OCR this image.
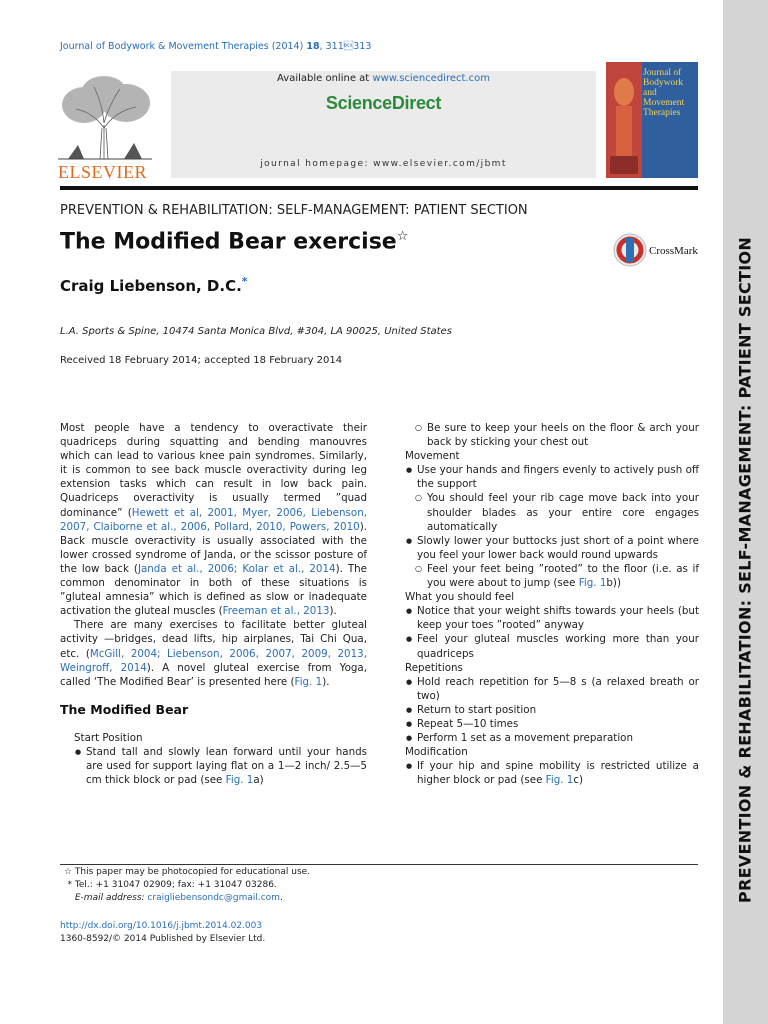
Journal of Bodywork & Movement Therapies (2014) 18, 311313
ELSEVIER
Available online at www.sciencedirect.com
ScienceDirect
journal homepage: www.elsevier.com/jbmt
Journal of Bodywork and Movement Therapies
PREVENTION & REHABILITATION: SELF-MANAGEMENT: PATIENT SECTION
The Modified Bear exercise☆
Craig Liebenson, D.C.*
CrossMark
L.A. Sports & Spine, 10474 Santa Monica Blvd, #304, LA 90025, United States
Received 18 February 2014; accepted 18 February 2014

Most people have a tendency to overactivate their quadriceps during squatting and bending manouvres which can lead to various knee pain syndromes. Similarly, it is common to see back muscle overactivity during leg extension tasks which can result in low back pain. Quadriceps overactivity is usually termed ”quad dominance” (Hewett et al, 2001, Myer, 2006, Liebenson, 2007, Claiborne et al., 2006, Pollard, 2010, Powers, 2010). Back muscle overactivity is usually associated with the lower crossed syndrome of Janda, or the scissor posture of the low back (Janda et al., 2006; Kolar et al., 2014). The common denominator in both of these situations is ”gluteal amnesia” which is defined as slow or inadequate activation the gluteal muscles (Freeman et al., 2013).

There are many exercises to facilitate better gluteal activity —bridges, dead lifts, hip airplanes, Tai Chi Qua, etc. (McGill, 2004; Liebenson, 2006, 2007, 2009, 2013, Weingroff, 2014). A novel gluteal exercise from Yoga, called ‘The Modified Bear’ is presented here (Fig. 1).

The Modified Bear
Start Position
● Stand tall and slowly lean forward until your hands are used for support laying flat on a 1—2 inch/ 2.5—5 cm thick block or pad (see Fig. 1a)
○ Be sure to keep your heels on the floor & arch your back by sticking your chest out
Movement
● Use your hands and fingers evenly to actively push off the support
○ You should feel your rib cage move back into your shoulder blades as your entire core engages automatically
● Slowly lower your buttocks just short of a point where you feel your lower back would round upwards
○ Feel your feet being ”rooted” to the floor (i.e. as if you were about to jump (see Fig. 1b))
What you should feel
● Notice that your weight shifts towards your heels (but keep your toes ”rooted” anyway
● Feel your gluteal muscles working more than your quadriceps
Repetitions
● Hold reach repetition for 5—8 s (a relaxed breath or two)
● Return to start position
● Repeat 5—10 times
● Perform 1 set as a movement preparation
Modification
● If your hip and spine mobility is restricted utilize a higher block or pad (see Fig. 1c)
☆ This paper may be photocopied for educational use.
* Tel.: +1 31047 02909; fax: +1 31047 03286.
E-mail address: craigliebensondc@gmail.com.
http://dx.doi.org/10.1016/j.jbmt.2014.02.003
1360-8592/© 2014 Published by Elsevier Ltd.
PREVENTION & REHABILITATION: SELF-MANAGEMENT: PATIENT SECTION
